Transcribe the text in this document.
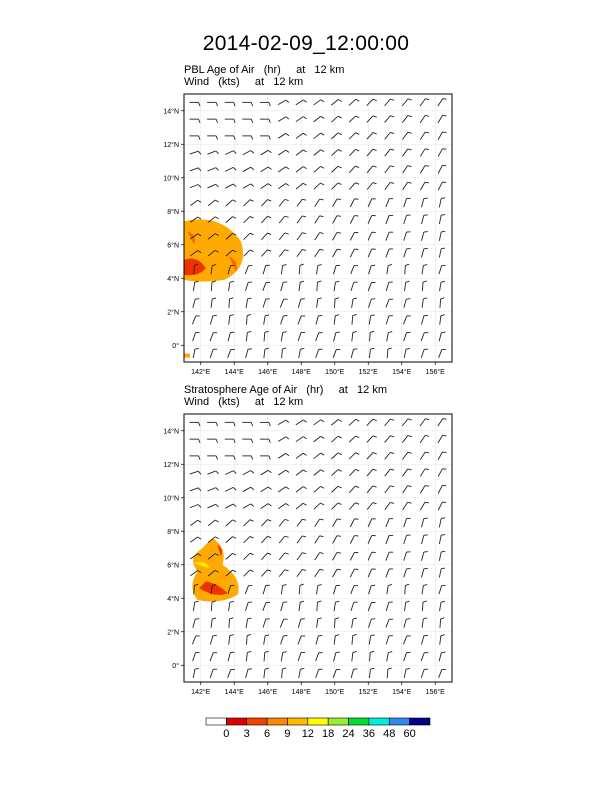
2014-02-09_12:00:00
PBL Age of Air   (hr)     at   12 km
Wind   (kts)     at   12 km
Stratosphere Age of Air   (hr)     at   12 km
Wind   (kts)     at   12 km
142°E 144°E 146°E 148°E 150°E 152°E 154°E 156°E
0°
2°N
4°N
6°N
8°N
10°N
12°N
14°N
142°E 144°E 146°E 148°E 150°E 152°E 154°E 156°E
0°
2°N
4°N
6°N
8°N
10°N
12°N
14°N
0 3 6 9 12 18 24 36 48 60
